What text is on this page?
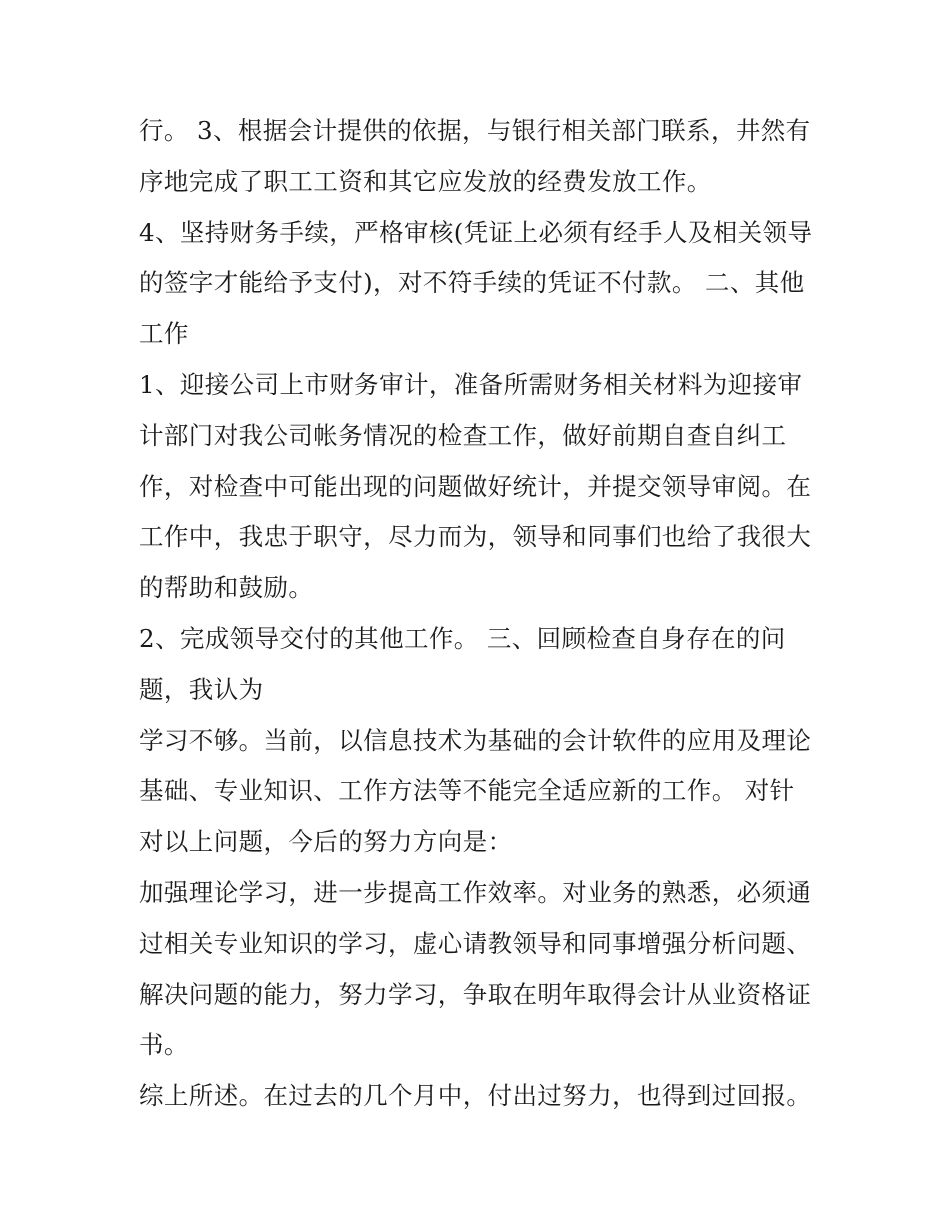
行。 3、根据会计提供的依据，与银行相关部门联系，井然有
序地完成了职工工资和其它应发放的经费发放工作。

4、坚持财务手续，严格审核(凭证上必须有经手人及相关领导
的签字才能给予支付)，对不符手续的凭证不付款。 二、其他
工作

1、迎接公司上市财务审计，准备所需财务相关材料为迎接审
计部门对我公司帐务情况的检查工作，做好前期自查自纠工
作，对检查中可能出现的问题做好统计，并提交领导审阅。在
工作中，我忠于职守，尽力而为，领导和同事们也给了我很大
的帮助和鼓励。

2、完成领导交付的其他工作。 三、回顾检查自身存在的问
题，我认为

学习不够。当前，以信息技术为基础的会计软件的应用及理论
基础、专业知识、工作方法等不能完全适应新的工作。 对针
对以上问题，今后的努力方向是：

加强理论学习，进一步提高工作效率。对业务的熟悉，必须通
过相关专业知识的学习，虚心请教领导和同事增强分析问题、
解决问题的能力，努力学习，争取在明年取得会计从业资格证
书。

综上所述。在过去的几个月中，付出过努力，也得到过回报。
